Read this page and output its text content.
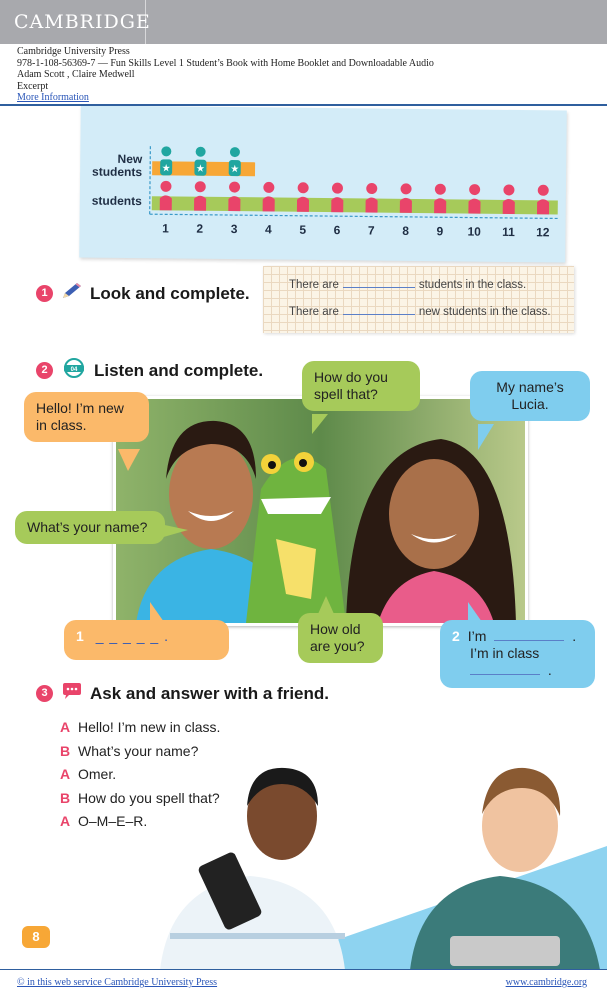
CAMBRIDGE
Cambridge University Press
978-1-108-56369-7 — Fun Skills Level 1 Student’s Book with Home Booklet and Downloadable Audio
Adam Scott , Claire Medwell
Excerpt
More Information
★	★	★
1 2 3 4 5 6 7 8 9 10 11 12
New
students
students
1	Look and complete.	There are	students in the class.
There are	new students in the class.
2	04 Listen and complete.
Hello! I’m new in class.
How do you spell that?	My name’s Lucia.
What’s your name?
How old are you?
1 _ _ _ _ _ .	2 I’m	.
I’m in class
.
3	Ask and answer with a friend.
A Hello! I’m new in class.
B What’s your name?
A Omer.
B How do you spell that?
A O–M–E–R.
8
© in this web service Cambridge University Press	www.cambridge.org
